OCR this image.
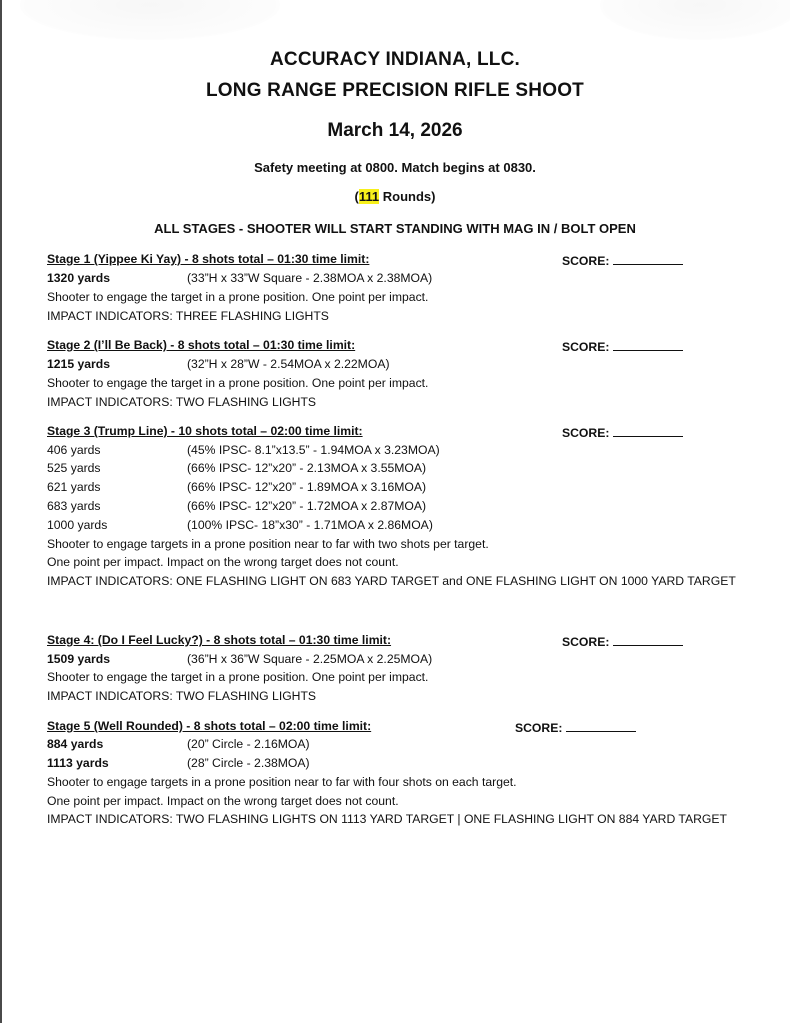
ACCURACY INDIANA, LLC.
LONG RANGE PRECISION RIFLE SHOOT
March 14, 2026
Safety meeting at 0800. Match begins at 0830.
(111 Rounds)
ALL STAGES - SHOOTER WILL START STANDING WITH MAG IN / BOLT OPEN
Stage 1 (Yippee Ki Yay) - 8 shots total – 01:30 time limit:	SCORE:
1320 yards	(33”H x 33”W Square - 2.38MOA x 2.38MOA)
Shooter to engage the target in a prone position. One point per impact.
IMPACT INDICATORS: THREE FLASHING LIGHTS
Stage 2 (I’ll Be Back) - 8 shots total – 01:30 time limit:	SCORE:
1215 yards	(32”H x 28”W - 2.54MOA x 2.22MOA)
Shooter to engage the target in a prone position. One point per impact.
IMPACT INDICATORS: TWO FLASHING LIGHTS
Stage 3 (Trump Line) - 10 shots total – 02:00 time limit:	SCORE:
406 yards	(45% IPSC- 8.1”x13.5” - 1.94MOA x 3.23MOA)
525 yards	(66% IPSC- 12”x20” - 2.13MOA x 3.55MOA)
621 yards	(66% IPSC- 12”x20” - 1.89MOA x 3.16MOA)
683 yards	(66% IPSC- 12”x20” - 1.72MOA x 2.87MOA)
1000 yards	(100% IPSC- 18”x30” - 1.71MOA x 2.86MOA)
Shooter to engage targets in a prone position near to far with two shots per target.
One point per impact. Impact on the wrong target does not count.
IMPACT INDICATORS: ONE FLASHING LIGHT ON 683 YARD TARGET and ONE FLASHING LIGHT ON 1000 YARD TARGET
Stage 4: (Do I Feel Lucky?) - 8 shots total – 01:30 time limit:	SCORE:
1509 yards	(36”H x 36”W Square - 2.25MOA x 2.25MOA)
Shooter to engage the target in a prone position. One point per impact.
IMPACT INDICATORS: TWO FLASHING LIGHTS
Stage 5 (Well Rounded) - 8 shots total – 02:00 time limit:	SCORE:
884 yards	(20” Circle - 2.16MOA)
1113 yards	(28” Circle - 2.38MOA)
Shooter to engage targets in a prone position near to far with four shots on each target.
One point per impact. Impact on the wrong target does not count.
IMPACT INDICATORS: TWO FLASHING LIGHTS ON 1113 YARD TARGET | ONE FLASHING LIGHT ON 884 YARD TARGET
